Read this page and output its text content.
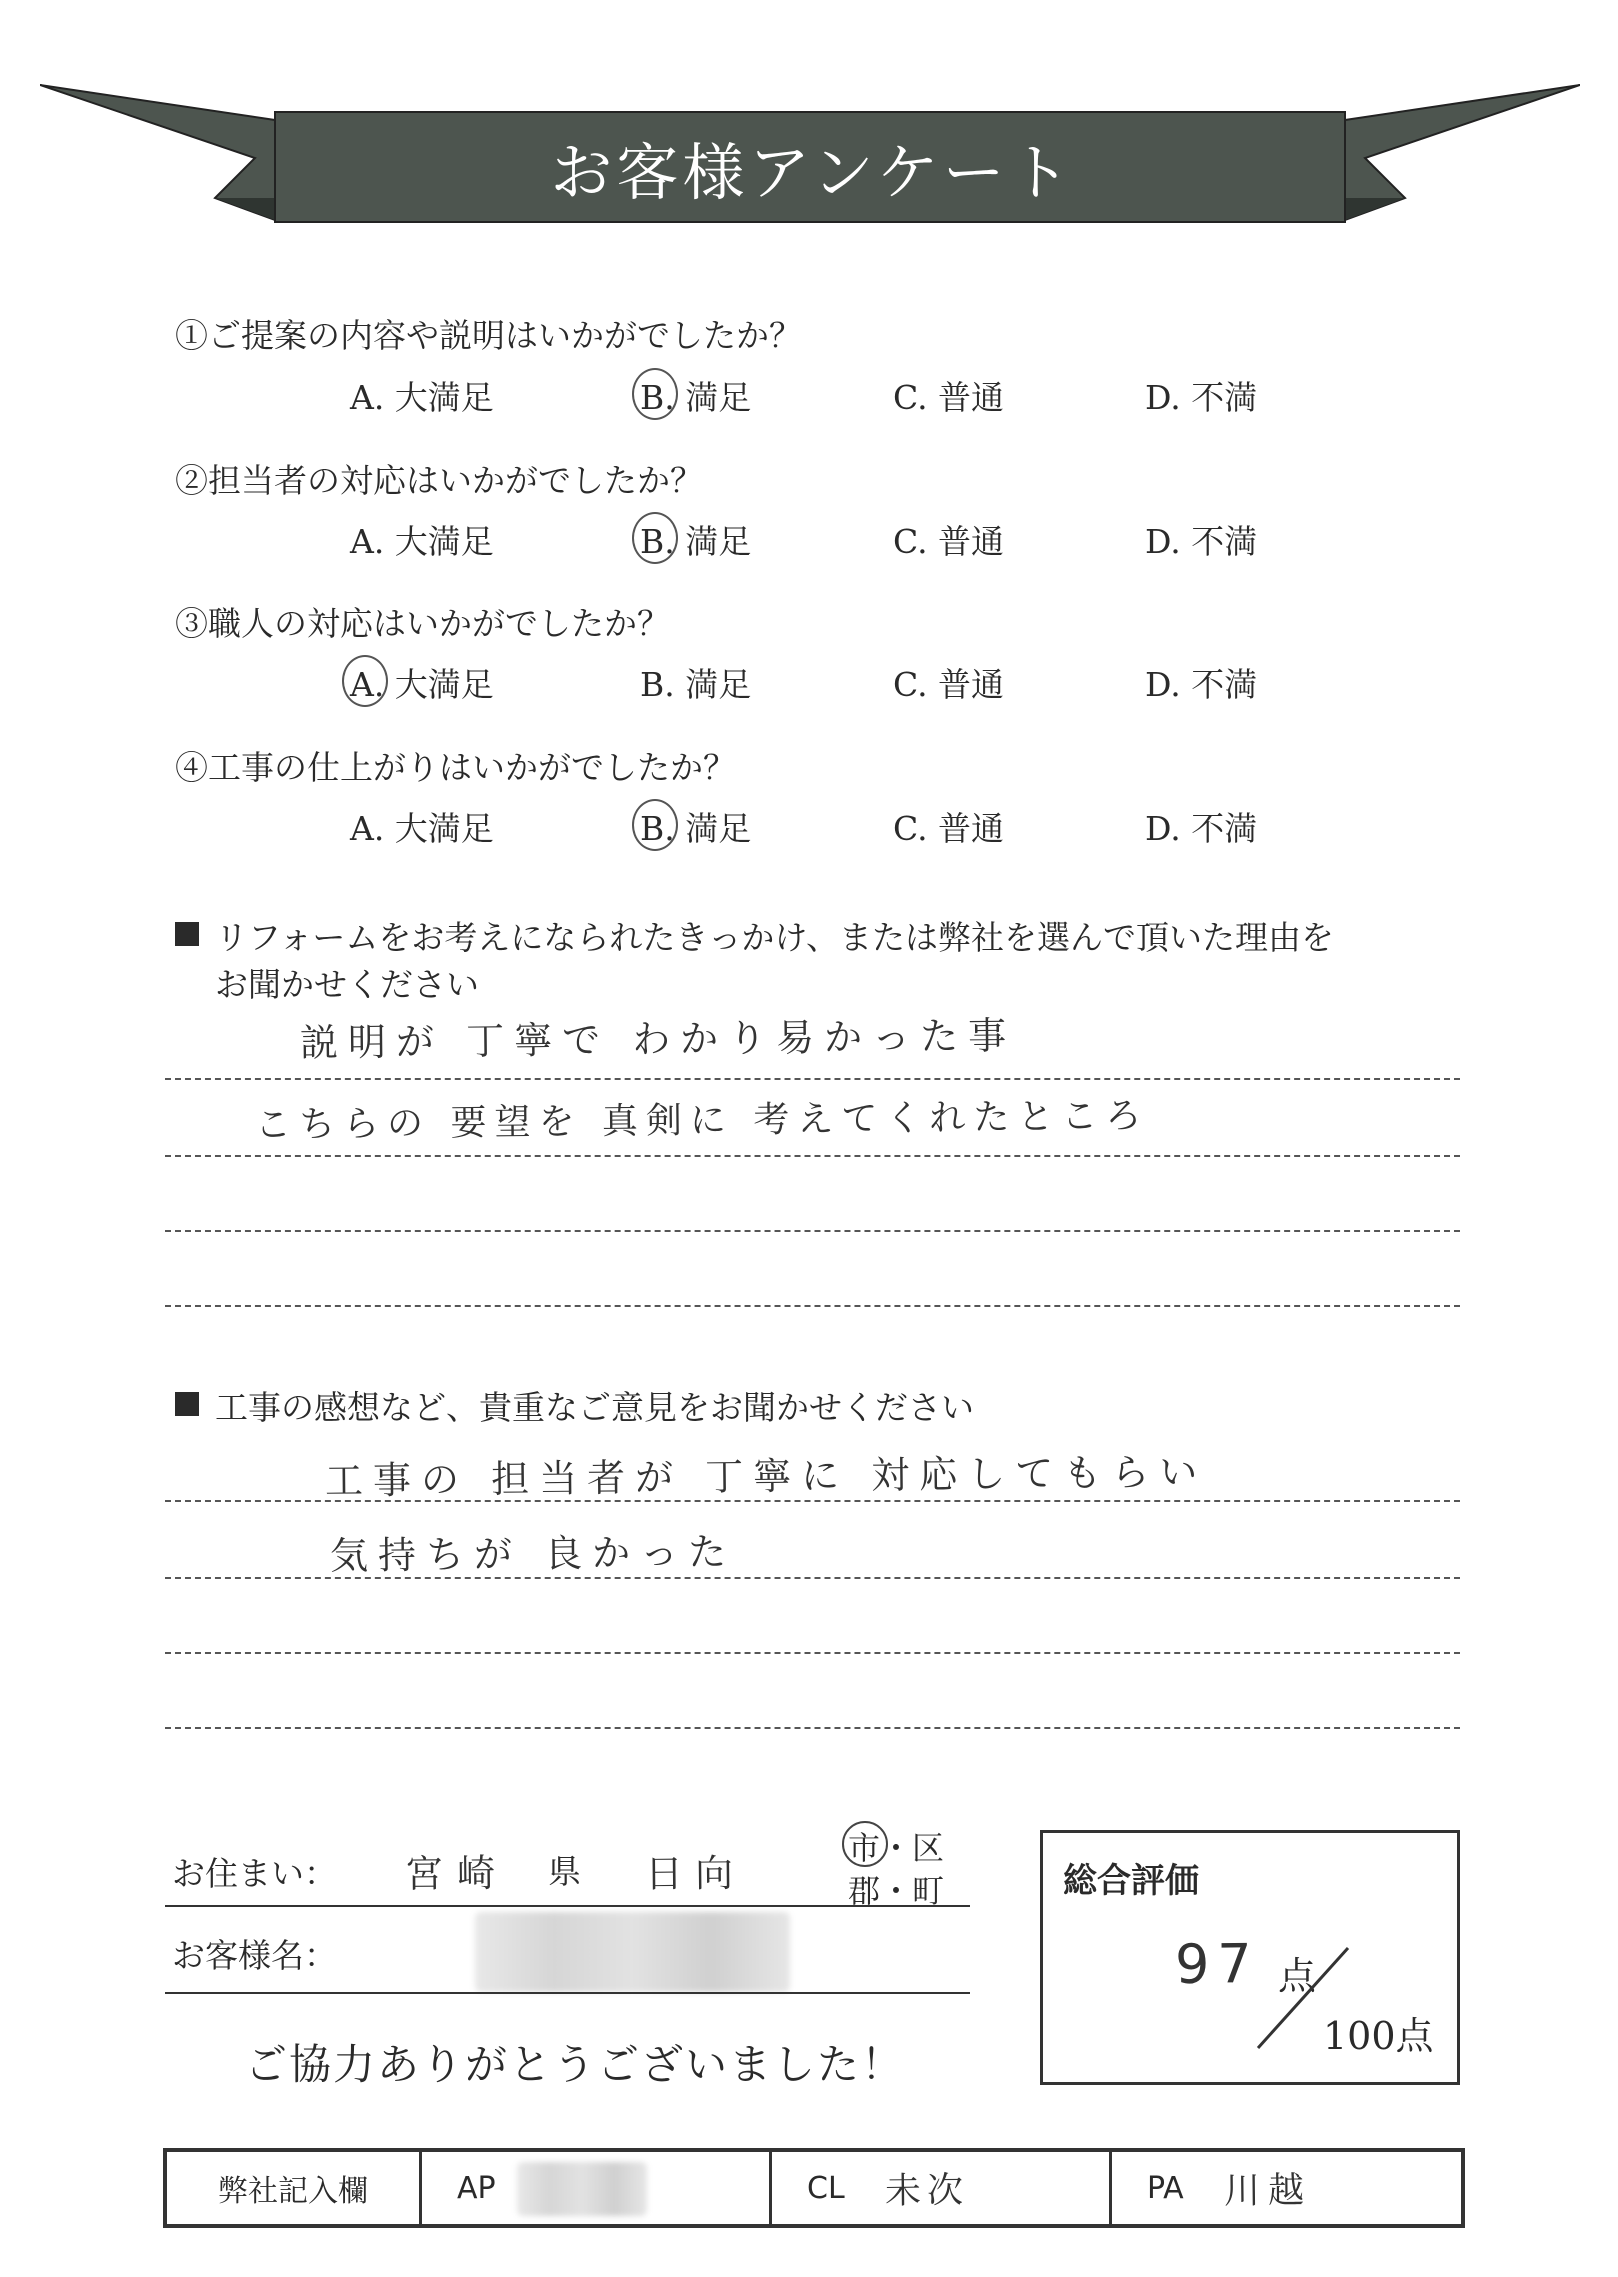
お客様アンケート
①ご提案の内容や説明はいかがでしたか？
A. 大満足	B. 満足	C. 普通	D. 不満
②担当者の対応はいかがでしたか？
A. 大満足	B. 満足	C. 普通	D. 不満
③職人の対応はいかがでしたか？
A. 大満足	B. 満足	C. 普通	D. 不満
④工事の仕上がりはいかがでしたか？
A. 大満足	B. 満足	C. 普通	D. 不満
リフォームをお考えになられたきっかけ、または弊社を選んで頂いた理由を
お聞かせください
説明が 丁寧で わかり易かった事
こちらの 要望を 真剣に 考えてくれたところ
工事の感想など、貴重なご意見をお聞かせください
工事の 担当者が 丁寧に 対応してもらい
気持ちが 良かった
お住まい： 宮崎 県 日向
市・区
郡・町
お客様名：
ご協力ありがとうございました！
総合評価
97 点
100点
弊社記入欄	AP	CL 未次	PA 川越
